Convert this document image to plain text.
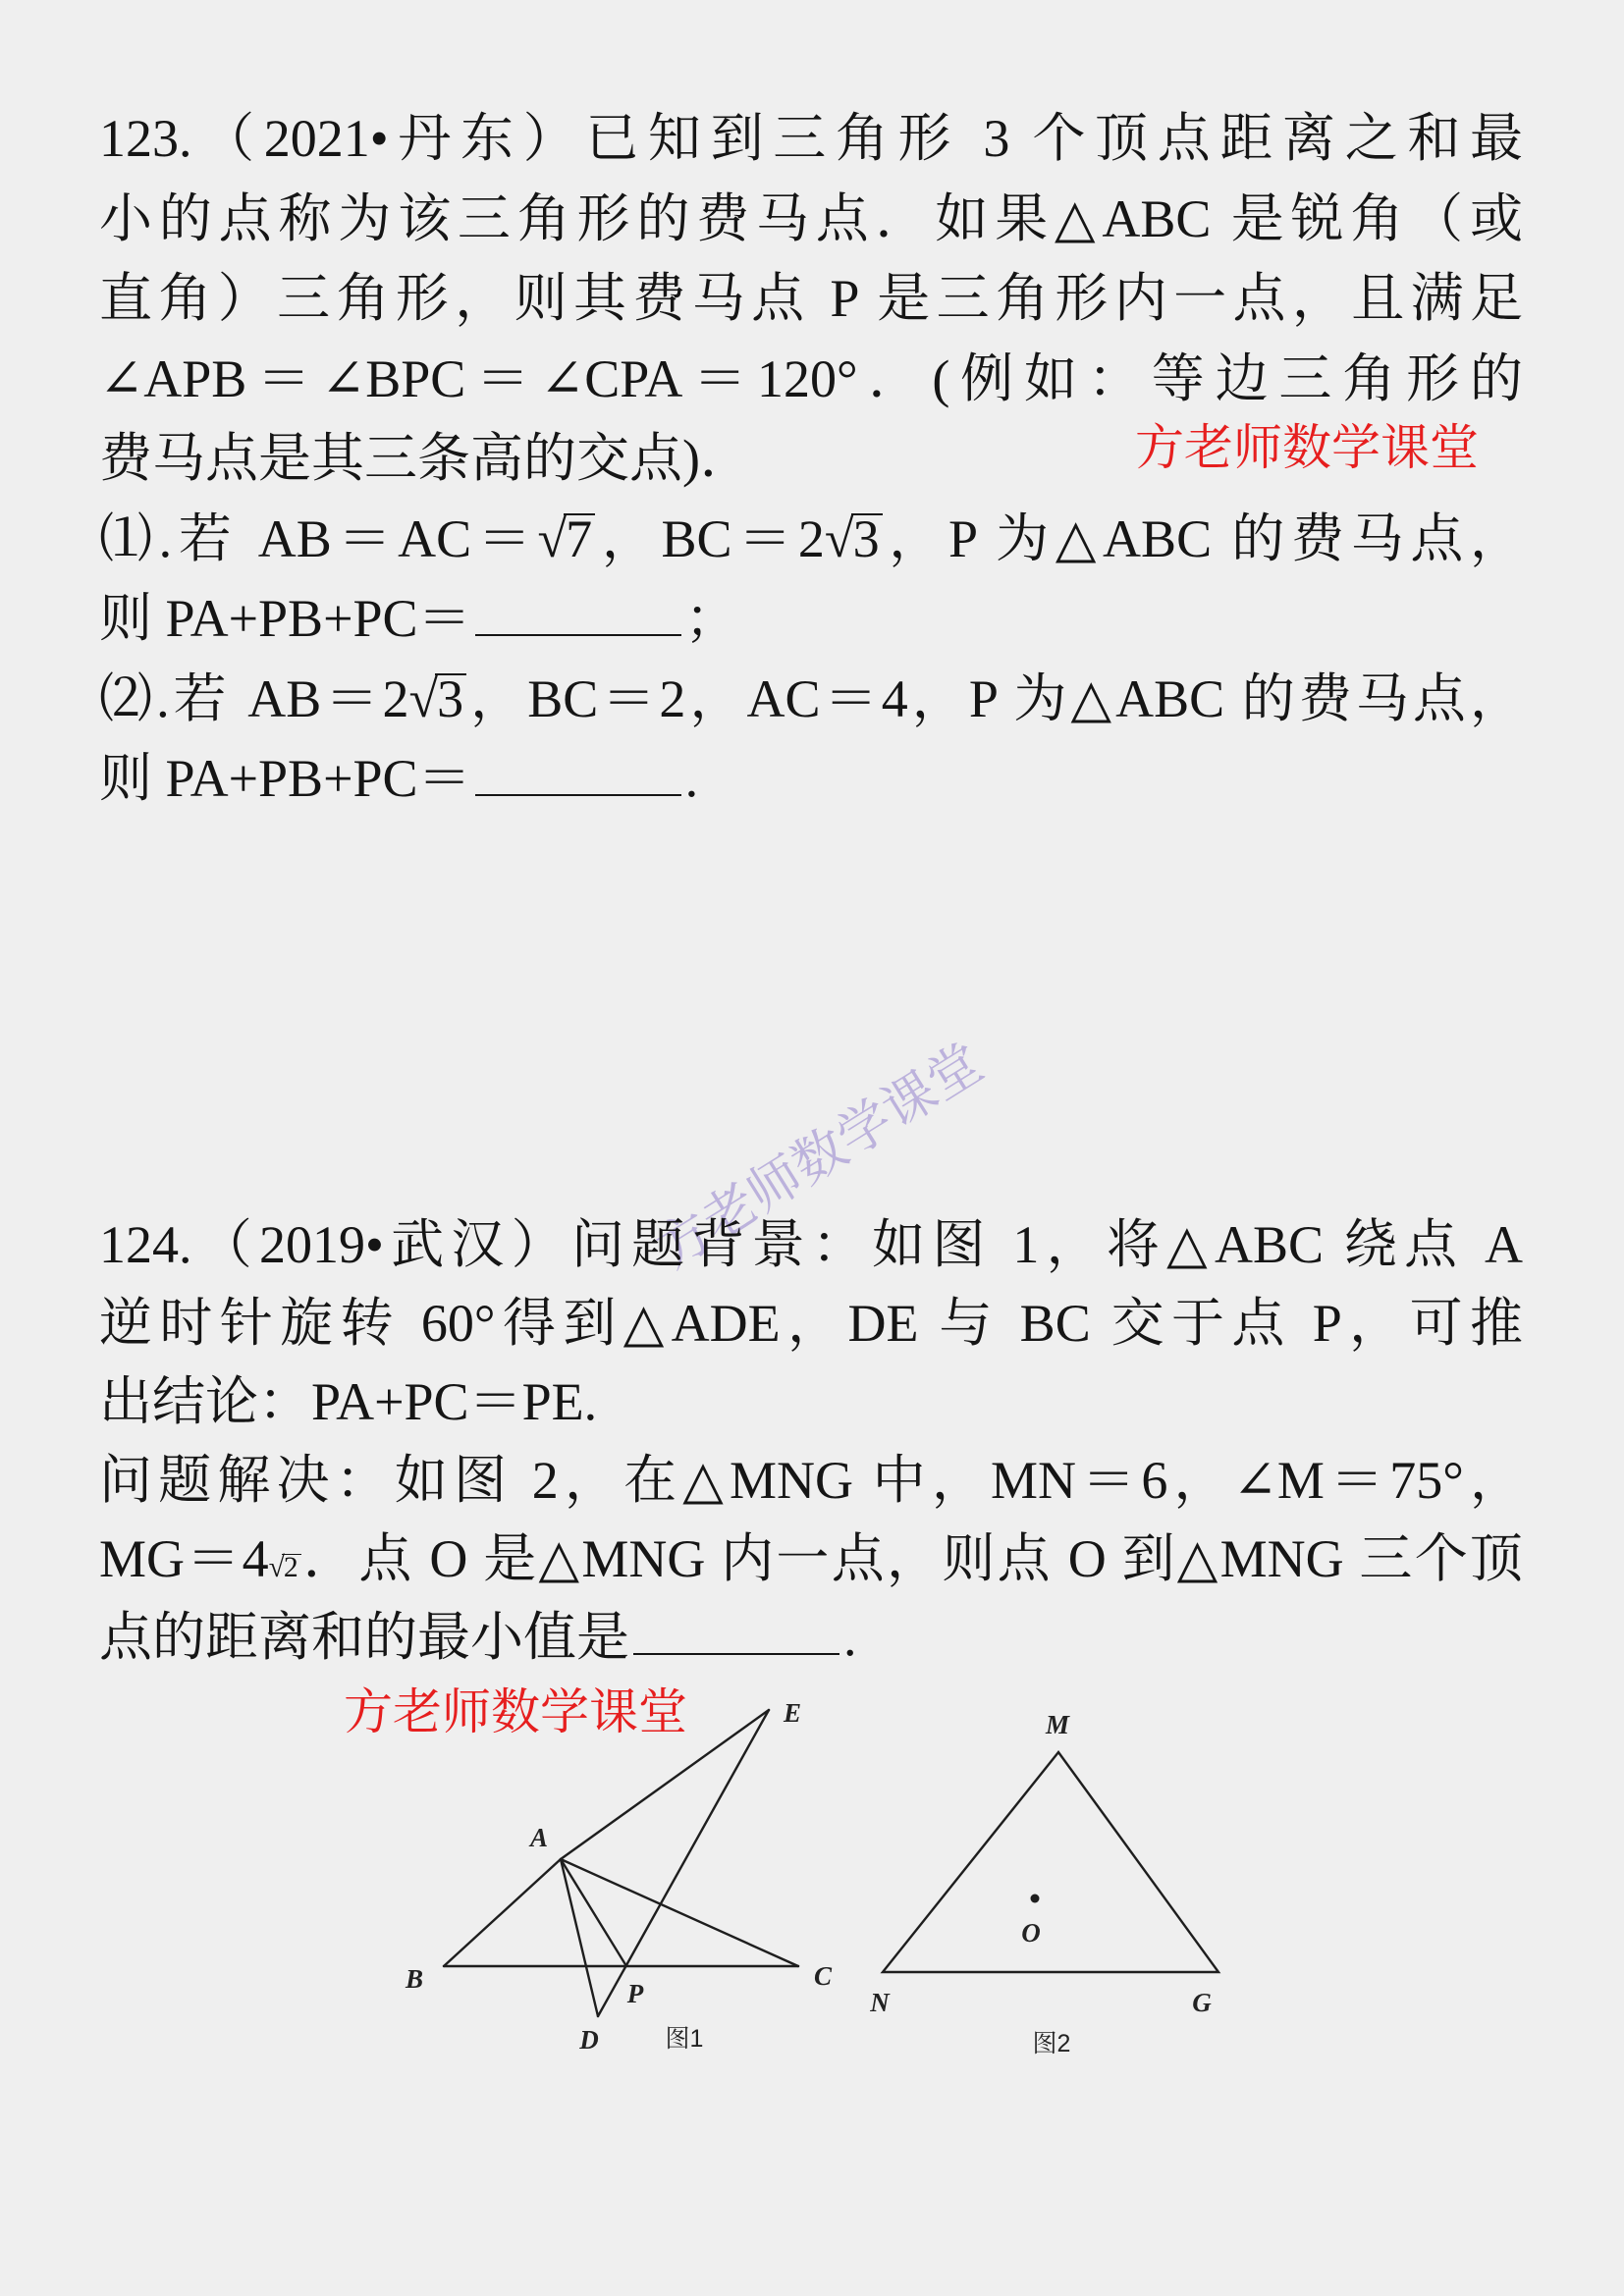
123.（2021•丹东）已知到三角形 3 个顶点距离之和最
小的点称为该三角形的费马点．如果△ABC 是锐角（或
直角）三角形，则其费马点 P 是三角形内一点，且满足
∠APB＝∠BPC＝∠CPA＝120°．(例如：等边三角形的
费马点是其三条高的交点)．
⑴.若 AB＝AC＝√7，BC＝2√3，P 为△ABC 的费马点，
则 PA+PB+PC＝	；
⑵.若 AB＝2√3，BC＝2，AC＝4，P 为△ABC 的费马点，
则 PA+PB+PC＝	.
方老师数学课堂
方老师数学课堂
124.（2019•武汉）问题背景：如图 1，将△ABC 绕点 A
逆时针旋转 60°得到△ADE，DE 与 BC 交于点 P，可推
出结论：PA+PC＝PE.
问题解决：如图 2，在△MNG 中，MN＝6，∠M＝75°，
MG＝4√2．点 O 是△MNG 内一点，则点 O 到△MNG 三个顶
点的距离和的最小值是	.
方老师数学课堂	E
A
B	C
P
D	图1
M
N	G
O
图2
